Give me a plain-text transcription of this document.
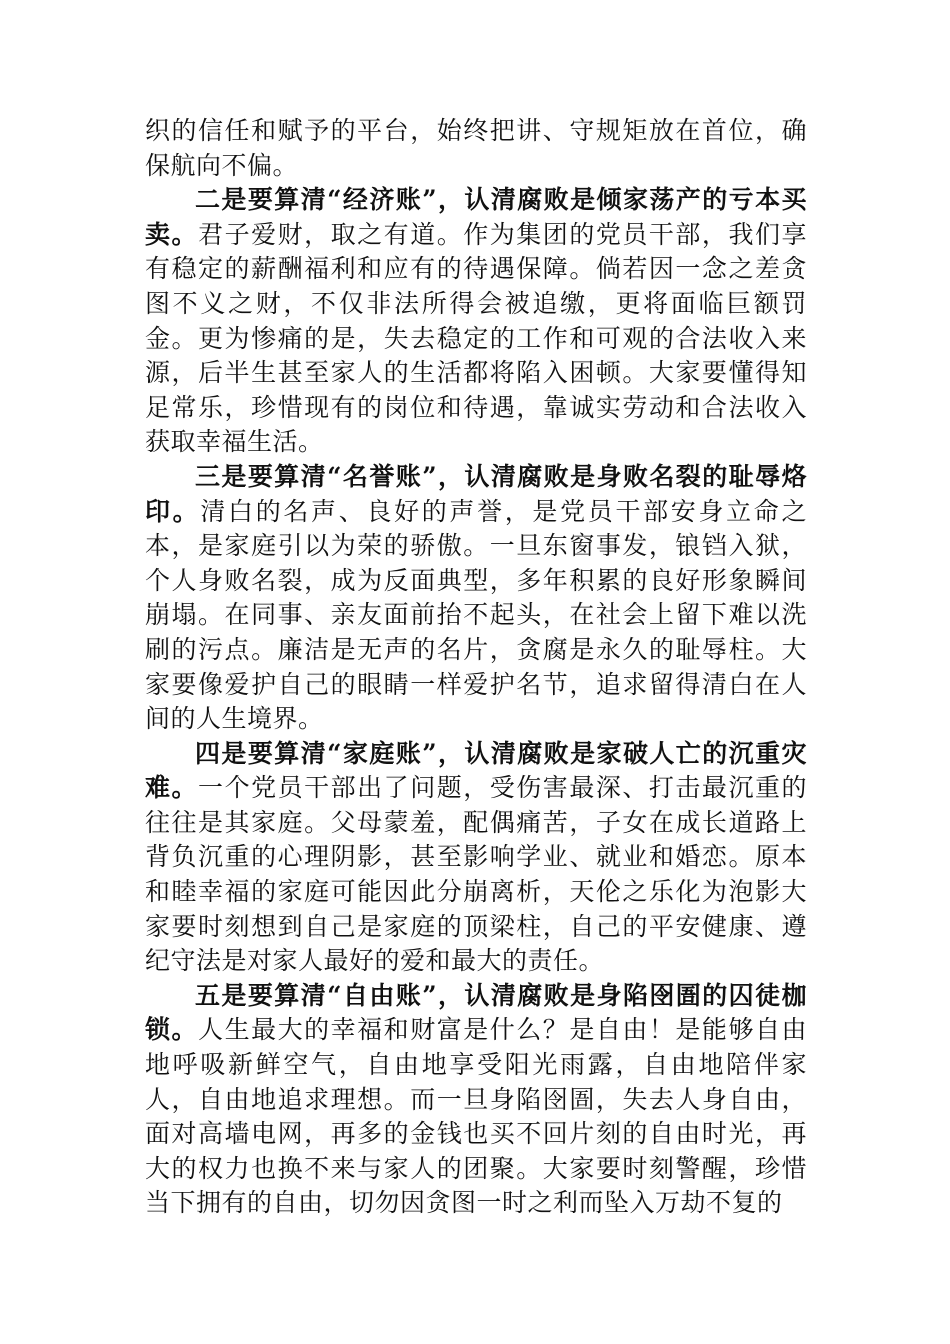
织的信任和赋予的平台，始终把讲、守规矩放在首位，确保航向不偏。

二是要算清“经济账”，认清腐败是倾家荡产的亏本买卖。君子爱财，取之有道。作为集团的党员干部，我们享有稳定的薪酬福利和应有的待遇保障。倘若因一念之差贪图不义之财，不仅非法所得会被追缴，更将面临巨额罚金。更为惨痛的是，失去稳定的工作和可观的合法收入来源，后半生甚至家人的生活都将陷入困顿。大家要懂得知足常乐，珍惜现有的岗位和待遇，靠诚实劳动和合法收入获取幸福生活。

三是要算清“名誉账”，认清腐败是身败名裂的耻辱烙印。清白的名声、良好的声誉，是党员干部安身立命之本，是家庭引以为荣的骄傲。一旦东窗事发，锒铛入狱，个人身败名裂，成为反面典型，多年积累的良好形象瞬间崩塌。在同事、亲友面前抬不起头，在社会上留下难以洗刷的污点。廉洁是无声的名片，贪腐是永久的耻辱柱。大家要像爱护自己的眼睛一样爱护名节，追求留得清白在人间的人生境界。

四是要算清“家庭账”，认清腐败是家破人亡的沉重灾难。一个党员干部出了问题，受伤害最深、打击最沉重的往往是其家庭。父母蒙羞，配偶痛苦，子女在成长道路上背负沉重的心理阴影，甚至影响学业、就业和婚恋。原本和睦幸福的家庭可能因此分崩离析，天伦之乐化为泡影大家要时刻想到自己是家庭的顶梁柱，自己的平安健康、遵纪守法是对家人最好的爱和最大的责任。

五是要算清“自由账”，认清腐败是身陷囹圄的囚徒枷锁。人生最大的幸福和财富是什么？是自由！是能够自由地呼吸新鲜空气，自由地享受阳光雨露，自由地陪伴家人，自由地追求理想。而一旦身陷囹圄，失去人身自由，面对高墙电网，再多的金钱也买不回片刻的自由时光，再大的权力也换不来与家人的团聚。大家要时刻警醒，珍惜当下拥有的自由，切勿因贪图一时之利而坠入万劫不复的
